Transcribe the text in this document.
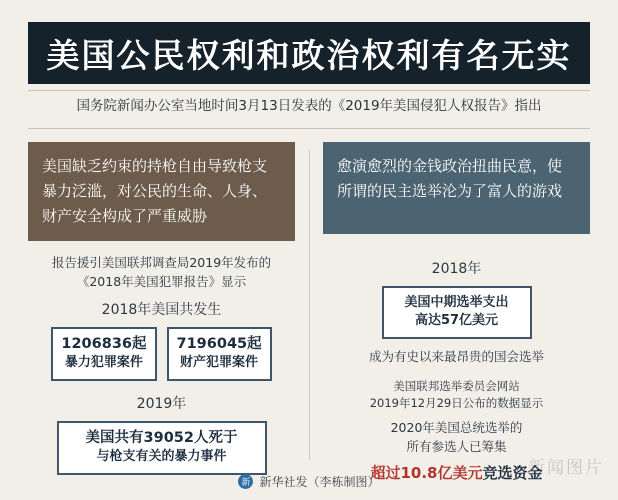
美国公民权利和政治权利有名无实
国务院新闻办公室当地时间3月13日发表的《2019年美国侵犯人权报告》指出
美国缺乏约束的持枪自由导致枪支暴力泛滥，对公民的生命、人身、财产安全构成了严重威胁
报告援引美国联邦调查局2019年发布的
《2018年美国犯罪报告》显示
2018年美国共发生
1206836起
暴力犯罪案件
7196045起
财产犯罪案件
2019年
美国共有39052人死于
与枪支有关的暴力事件
愈演愈烈的金钱政治扭曲民意，使所谓的民主选举沦为了富人的游戏
2018年
美国中期选举支出
高达57亿美元
成为有史以来最昂贵的国会选举
美国联邦选举委员会网站
2019年12月29日公布的数据显示
2020年美国总统选举的
所有参选人已筹集
超过10.8亿美元竞选资金
新闻图片
新 新华社发（李栋制图）
